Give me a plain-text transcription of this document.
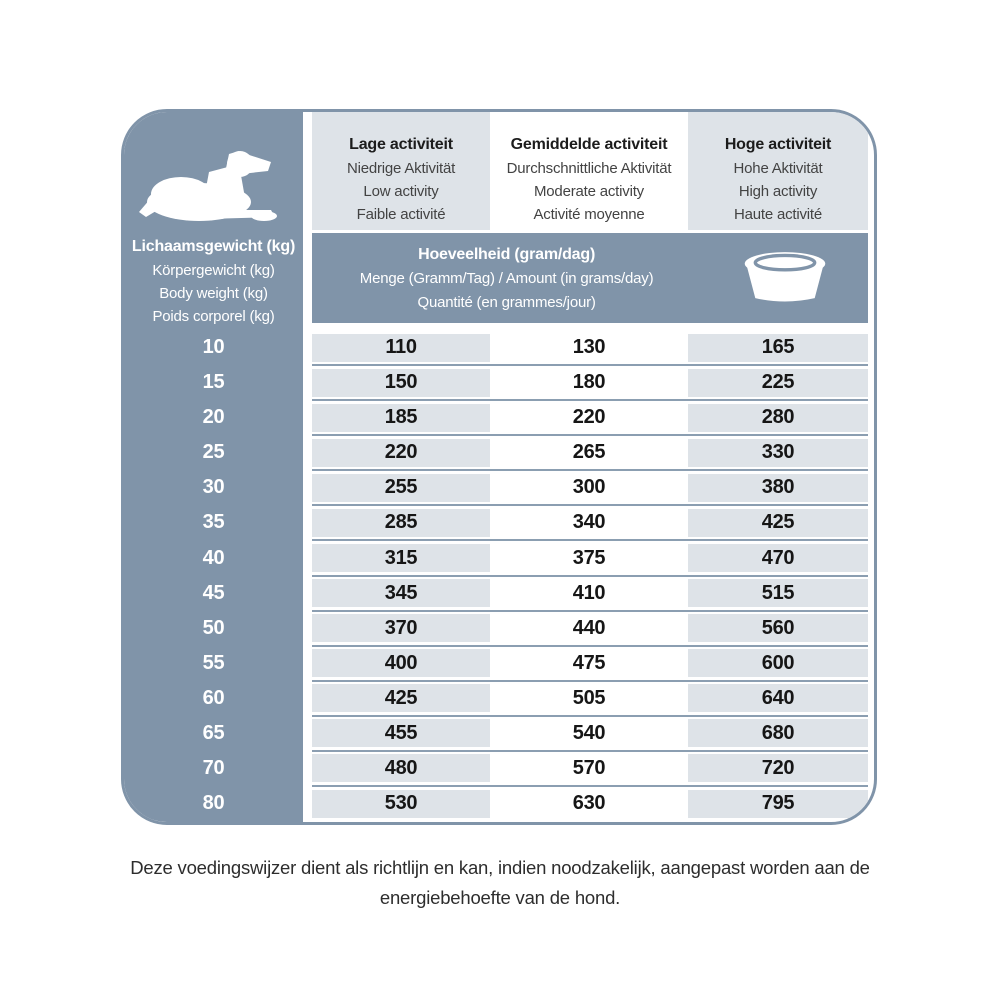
Lichaamsgewicht (kg)
Körpergewicht (kg)
Body weight (kg)
Poids corporel (kg)
Lage activiteit
Niedrige Aktivität
Low activity
Faible activité
Gemiddelde activiteit
Durchschnittliche Aktivität
Moderate activity
Activité moyenne
Hoge activiteit
Hohe Aktivität
High activity
Haute activité
Hoeveelheid (gram/dag)
Menge (Gramm/Tag) / Amount (in grams/day)
Quantité (en grammes/jour)
10	110	130	165
15	150	180	225
20	185	220	280
25	220	265	330
30	255	300	380
35	285	340	425
40	315	375	470
45	345	410	515
50	370	440	560
55	400	475	600
60	425	505	640
65	455	540	680
70	480	570	720
80	530	630	795
Deze voedingswijzer dient als richtlijn en kan, indien noodzakelijk, aangepast worden aan de
energiebehoefte van de hond.
